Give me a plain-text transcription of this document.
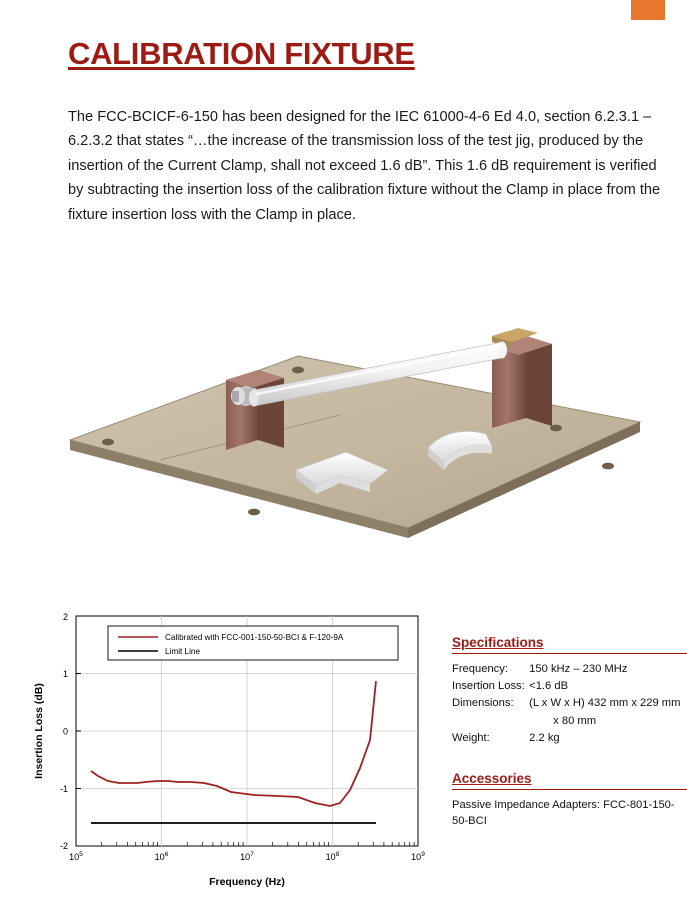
CALIBRATION FIXTURE

The FCC-BCICF-6-150 has been designed for the IEC 61000-4-6 Ed 4.0, section 6.2.3.1 – 6.2.3.2 that states “…the increase of the transmission loss of the test jig, produced by the insertion of the Current Clamp, shall not exceed 1.6 dB”. This 1.6 dB requirement is verified by subtracting the insertion loss of the calibration fixture without the Clamp in place from the fixture insertion loss with the Clamp in place.

2
1
0
-1
-2
$10^5$	$10^6$	$10^7$	$10^8$	$10^9$
Calibrated with FCC-001-150-50-BCI & F-120-9A
Limit Line
Frequency (Hz)
Insertion Loss (dB)
Specifications
Frequency:	150 kHz – 230 MHz
Insertion Loss:	<1.6 dB
Dimensions:	(L x W x H) 432 mm x 229 mm
	x 80 mm
Weight:	2.2 kg
Accessories
Passive Impedance Adapters: FCC-801-150-50-BCI
